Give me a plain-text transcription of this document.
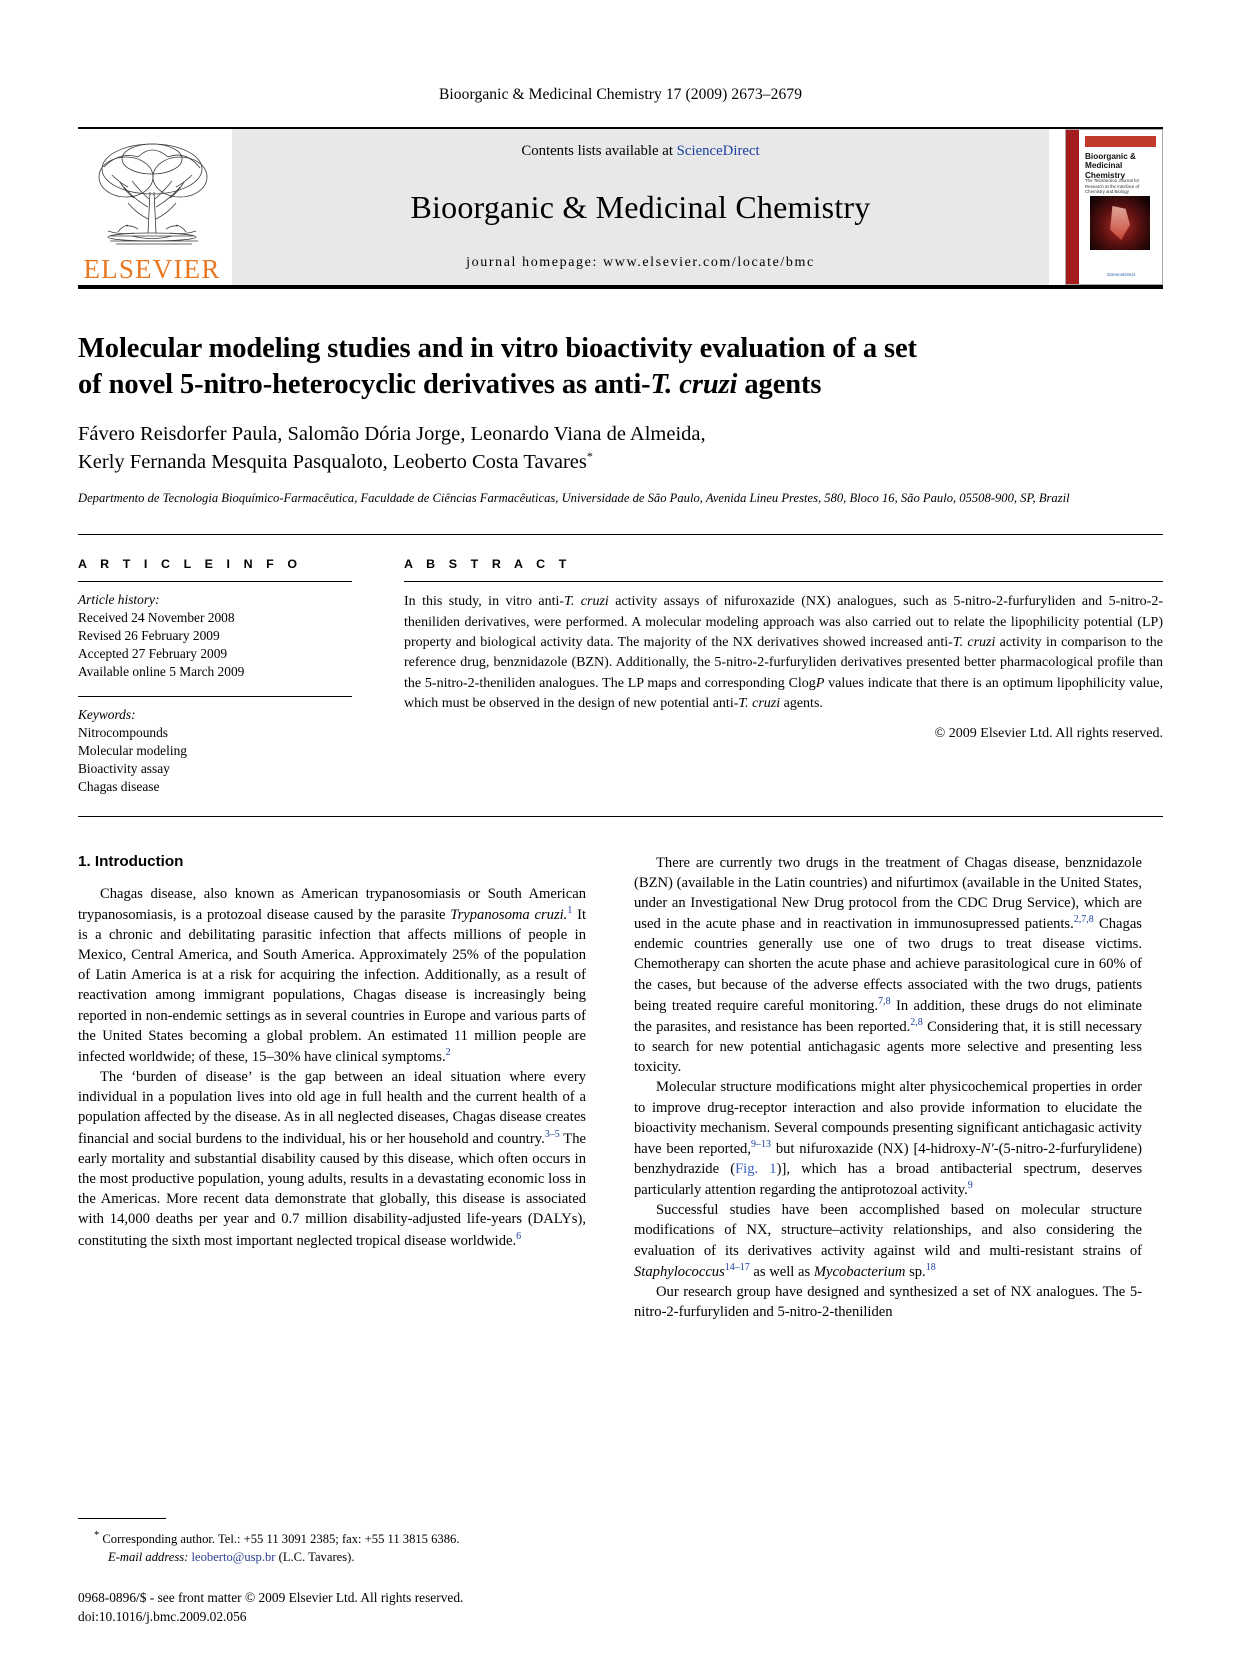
Bioorganic & Medicinal Chemistry 17 (2009) 2673–2679
ELSEVIER
Contents lists available at ScienceDirect
Bioorganic & Medicinal Chemistry
journal homepage: www.elsevier.com/locate/bmc
Bioorganic & Medicinal Chemistry
The Tetrahedron Journal for Research at the Interface of Chemistry and Biology
ScienceDirect
Molecular modeling studies and in vitro bioactivity evaluation of a set
of novel 5-nitro-heterocyclic derivatives as anti-T. cruzi agents
Fávero Reisdorfer Paula, Salomão Dória Jorge, Leonardo Viana de Almeida,
Kerly Fernanda Mesquita Pasqualoto, Leoberto Costa Tavares*
Departmento de Tecnologia Bioquímico-Farmacêutica, Faculdade de Ciências Farmacêuticas, Universidade de São Paulo, Avenida Lineu Prestes, 580, Bloco 16, São Paulo, 05508-900, SP, Brazil
A R T I C L E I N F O
Article history:
Received 24 November 2008
Revised 26 February 2009
Accepted 27 February 2009
Available online 5 March 2009
Keywords:
Nitrocompounds
Molecular modeling
Bioactivity assay
Chagas disease
A B S T R A C T
In this study, in vitro anti-T. cruzi activity assays of nifuroxazide (NX) analogues, such as 5-nitro-2-furfuryliden and 5-nitro-2-theniliden derivatives, were performed. A molecular modeling approach was also carried out to relate the lipophilicity potential (LP) property and biological activity data. The majority of the NX derivatives showed increased anti-T. cruzi activity in comparison to the reference drug, benznidazole (BZN). Additionally, the 5-nitro-2-furfuryliden derivatives presented better pharmacological profile than the 5-nitro-2-theniliden analogues. The LP maps and corresponding ClogP values indicate that there is an optimum lipophilicity value, which must be observed in the design of new potential anti-T. cruzi agents.
© 2009 Elsevier Ltd. All rights reserved.
1. Introduction

Chagas disease, also known as American trypanosomiasis or South American trypanosomiasis, is a protozoal disease caused by the parasite Trypanosoma cruzi.$^1$ It is a chronic and debilitating parasitic infection that affects millions of people in Mexico, Central America, and South America. Approximately 25% of the population of Latin America is at a risk for acquiring the infection. Additionally, as a result of reactivation among immigrant populations, Chagas disease is increasingly being reported in non-endemic settings as in several countries in Europe and various parts of the United States becoming a global problem. An estimated 11 million people are infected worldwide; of these, 15–30% have clinical symptoms.$^2$

The ‘burden of disease’ is the gap between an ideal situation where every individual in a population lives into old age in full health and the current health of a population affected by the disease. As in all neglected diseases, Chagas disease creates financial and social burdens to the individual, his or her household and country.$^{3-5}$ The early mortality and substantial disability caused by this disease, which often occurs in the most productive population, young adults, results in a devastating economic loss in the Americas. More recent data demonstrate that globally, this disease is associated with 14,000 deaths per year and 0.7 million disability-adjusted life-years (DALYs), constituting the sixth most important neglected tropical disease worldwide.$^6$

There are currently two drugs in the treatment of Chagas disease, benznidazole (BZN) (available in the Latin countries) and nifurtimox (available in the United States, under an Investigational New Drug protocol from the CDC Drug Service), which are used in the acute phase and in reactivation in immunosupressed patients.$^{2,7,8}$ Chagas endemic countries generally use one of two drugs to treat disease victims. Chemotherapy can shorten the acute phase and achieve parasitological cure in 60% of the cases, but because of the adverse effects associated with the two drugs, patients being treated require careful monitoring.$^{7,8}$ In addition, these drugs do not eliminate the parasites, and resistance has been reported.$^{2,8}$ Considering that, it is still necessary to search for new potential antichagasic agents more selective and presenting less toxicity.

Molecular structure modifications might alter physicochemical properties in order to improve drug-receptor interaction and also provide information to elucidate the bioactivity mechanism. Several compounds presenting significant antichagasic activity have been reported,$^{9-13}$ but nifuroxazide (NX) [4-hidroxy-N′-(5-nitro-2-furfurylidene) benzhydrazide (Fig. 1)], which has a broad antibacterial spectrum, deserves particularly attention regarding the antiprotozoal activity.$^9$

Successful studies have been accomplished based on molecular structure modifications of NX, structure–activity relationships, and also considering the evaluation of its derivatives activity against wild and multi-resistant strains of Staphylococcus$^{14-17}$ as well as Mycobacterium sp.$^{18}$

Our research group have designed and synthesized a set of NX analogues. The 5-nitro-2-furfuryliden and 5-nitro-2-theniliden

* Corresponding author. Tel.: +55 11 3091 2385; fax: +55 11 3815 6386.
E-mail address: leoberto@usp.br (L.C. Tavares).
0968-0896/$ - see front matter © 2009 Elsevier Ltd. All rights reserved.
doi:10.1016/j.bmc.2009.02.056
